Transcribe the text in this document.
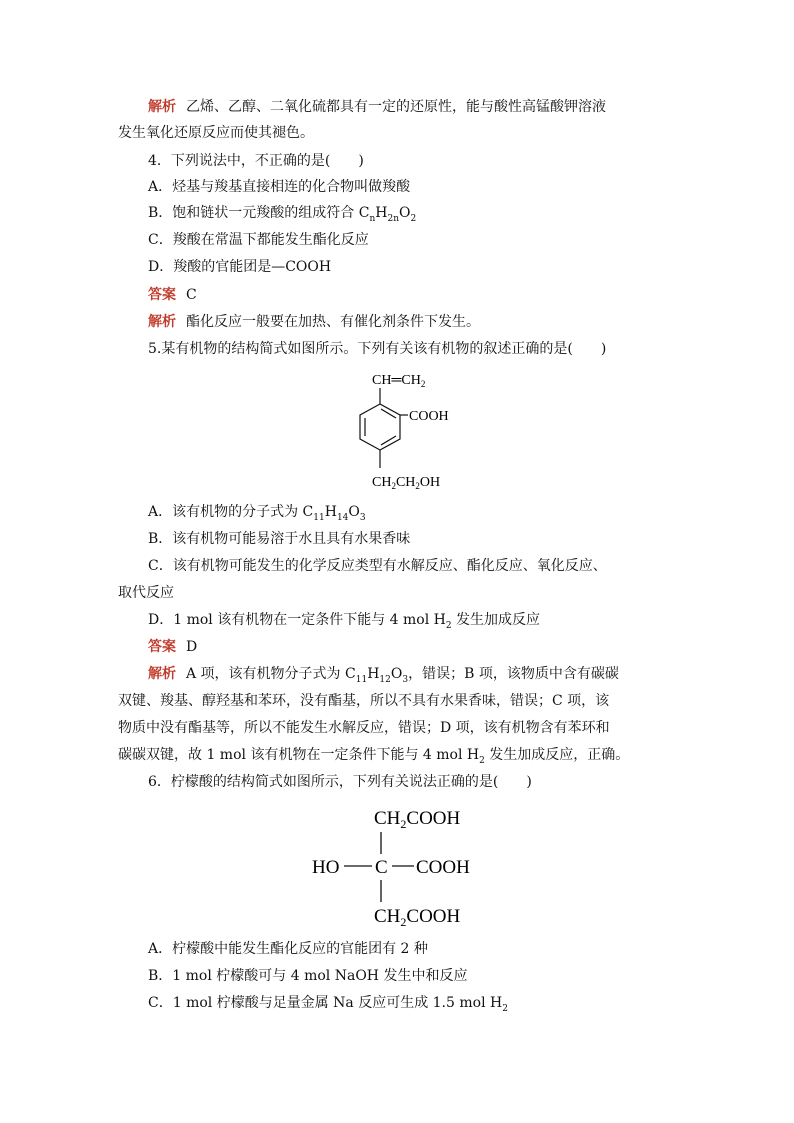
解析 乙烯、乙醇、二氧化硫都具有一定的还原性，能与酸性高锰酸钾溶液
发生氧化还原反应而使其褪色。
4．下列说法中，不正确的是(　　)
A．烃基与羧基直接相连的化合物叫做羧酸
B．饱和链状一元羧酸的组成符合 $C_nH_{2n}O_2$
C．羧酸在常温下都能发生酯化反应
D．羧酸的官能团是—COOH
答案 C
解析 酯化反应一般要在加热、有催化剂条件下发生。
5.某有机物的结构简式如图所示。下列有关该有机物的叙述正确的是(　　)
$CH═CH_2$
COOH
$CH_2CH_2OH$
A．该有机物的分子式为 $C_{11}H_{14}O_3$
B．该有机物可能易溶于水且具有水果香味
C．该有机物可能发生的化学反应类型有水解反应、酯化反应、氧化反应、
取代反应
D．1 mol 该有机物在一定条件下能与 4 mol $H_2$ 发生加成反应
答案 D
解析 A 项，该有机物分子式为 $C_{11}H_{12}O_3$，错误；B 项，该物质中含有碳碳
双键、羧基、醇羟基和苯环，没有酯基，所以不具有水果香味，错误；C 项，该
物质中没有酯基等，所以不能发生水解反应，错误；D 项，该有机物含有苯环和
碳碳双键，故 1 mol 该有机物在一定条件下能与 4 mol $H_2$ 发生加成反应，正确。
6．柠檬酸的结构简式如图所示，下列有关说法正确的是(　　)
$CH_2COOH$
HO C COOH
$CH_2COOH$
A．柠檬酸中能发生酯化反应的官能团有 2 种
B．1 mol 柠檬酸可与 4 mol NaOH 发生中和反应
C．1 mol 柠檬酸与足量金属 Na 反应可生成 1.5 mol $H_2$
